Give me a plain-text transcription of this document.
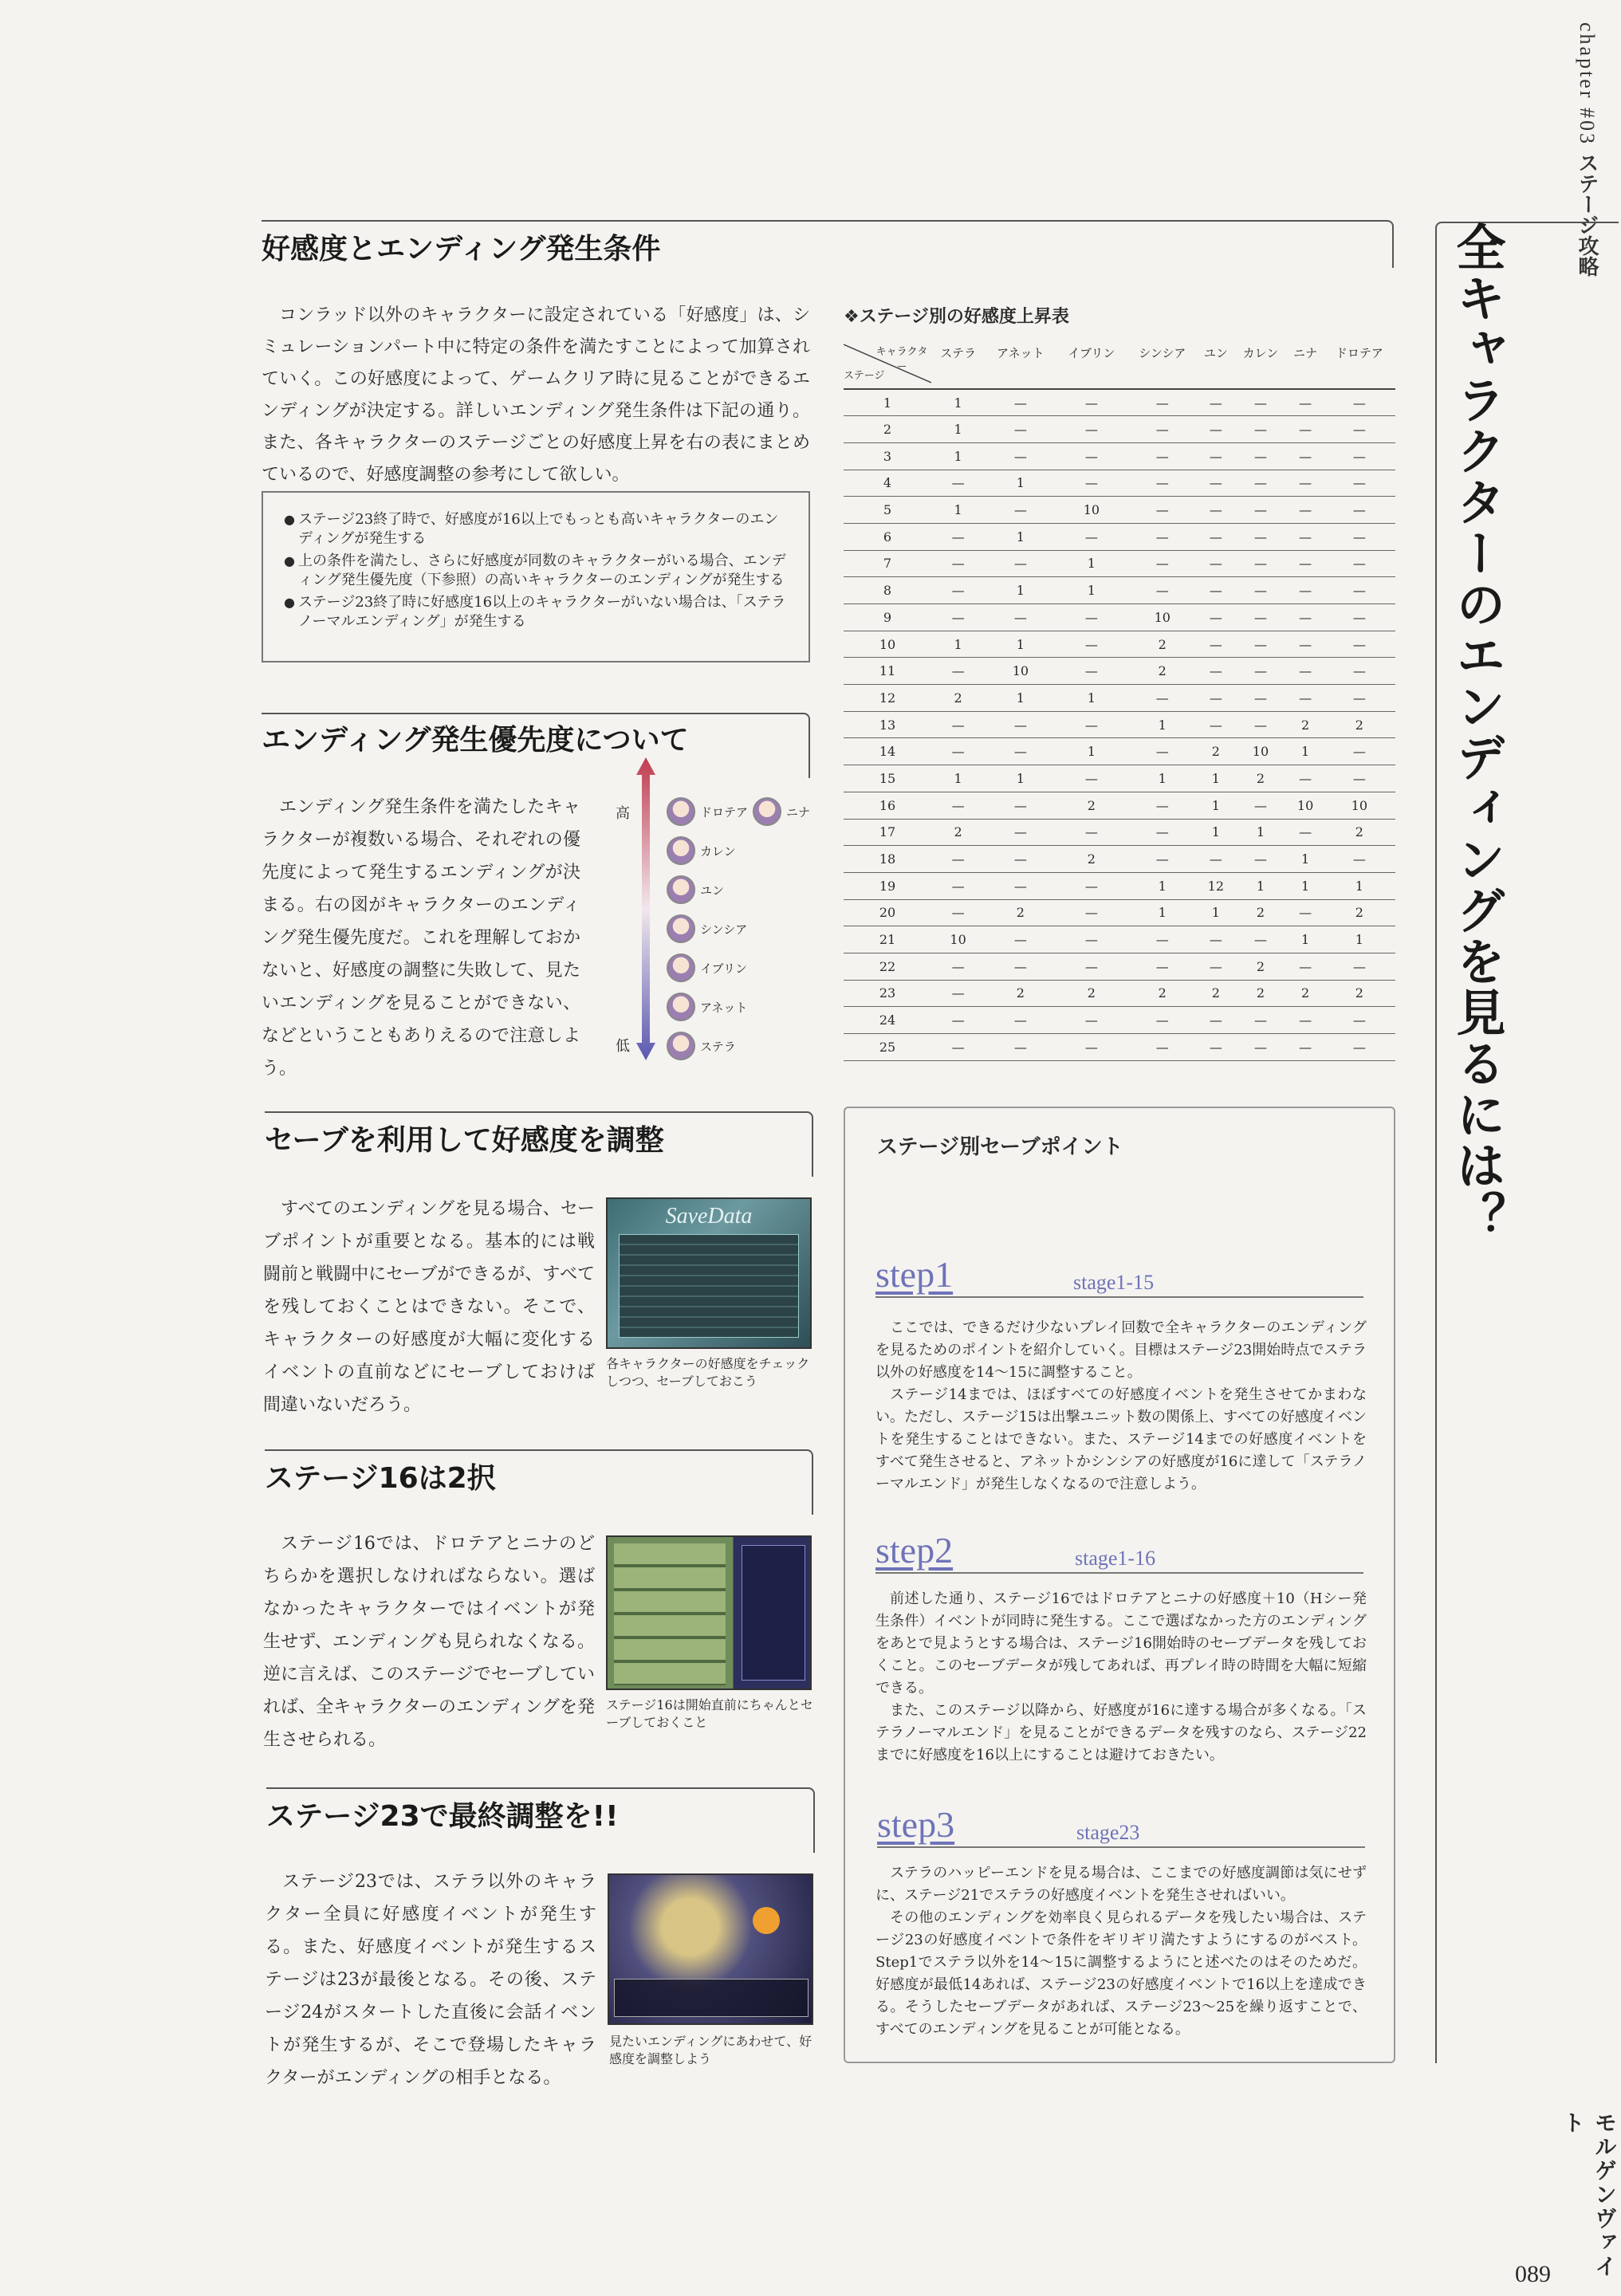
chapter #03 ステージ攻略
全キャラクターのエンディングを見るには？
好感度とエンディング発生条件
コンラッド以外のキャラクターに設定されている「好感度」は、シミュレーションパート中に特定の条件を満たすことによって加算されていく。この好感度によって、ゲームクリア時に見ることができるエンディングが決定する。詳しいエンディング発生条件は下記の通り。また、各キャラクターのステージごとの好感度上昇を右の表にまとめているので、好感度調整の参考にして欲しい。
● ステージ23終了時で、好感度が16以上でもっとも高いキャラクターのエンディングが発生する
● 上の条件を満たし、さらに好感度が同数のキャラクターがいる場合、エンディング発生優先度（下参照）の高いキャラクターのエンディングが発生する
● ステージ23終了時に好感度16以上のキャラクターがいない場合は、「ステラノーマルエンディング」が発生する
❖ステージ別の好感度上昇表
キャラクター
ステージ	ステラ	アネット	イブリン	シンシア	ユン	カレン	ニナ	ドロテア
1	1	—	—	—	—	—	—	—
2	1	—	—	—	—	—	—	—
3	1	—	—	—	—	—	—	—
4	—	1	—	—	—	—	—	—
5	1	—	10	—	—	—	—	—
6	—	1	—	—	—	—	—	—
7	—	—	1	—	—	—	—	—
8	—	1	1	—	—	—	—	—
9	—	—	—	10	—	—	—	—
10	1	1	—	2	—	—	—	—
11	—	10	—	2	—	—	—	—
12	2	1	1	—	—	—	—	—
13	—	—	—	1	—	—	2	2
14	—	—	1	—	2	10	1	—
15	1	1	—	1	1	2	—	—
16	—	—	2	—	1	—	10	10
17	2	—	—	—	1	1	—	2
18	—	—	2	—	—	—	1	—
19	—	—	—	1	12	1	1	1
20	—	2	—	1	1	2	—	2
21	10	—	—	—	—	—	1	1
22	—	—	—	—	—	2	—	—
23	—	2	2	2	2	2	2	2
24	—	—	—	—	—	—	—	—
25	—	—	—	—	—	—	—	—
エンディング発生優先度について
エンディング発生条件を満たしたキャラクターが複数いる場合、それぞれの優先度によって発生するエンディングが決まる。右の図がキャラクターのエンディング発生優先度だ。これを理解しておかないと、好感度の調整に失敗して、見たいエンディングを見ることができない、などということもありえるので注意しよう。
高
低
ドロテア	ニナ
カレン
ユン
シンシア
イブリン
アネット
ステラ
セーブを利用して好感度を調整
すべてのエンディングを見る場合、セーブポイントが重要となる。基本的には戦闘前と戦闘中にセーブができるが、すべてを残しておくことはできない。そこで、キャラクターの好感度が大幅に変化するイベントの直前などにセーブしておけば間違いないだろう。
SaveData
各キャラクターの好感度をチェックしつつ、セーブしておこう
ステージ16は2択
ステージ16では、ドロテアとニナのどちらかを選択しなければならない。選ばなかったキャラクターではイベントが発生せず、エンディングも見られなくなる。逆に言えば、このステージでセーブしていれば、全キャラクターのエンディングを発生させられる。
ステージ16は開始直前にちゃんとセーブしておくこと
ステージ23で最終調整を!!
ステージ23では、ステラ以外のキャラクター全員に好感度イベントが発生する。また、好感度イベントが発生するステージは23が最後となる。その後、ステージ24がスタートした直後に会話イベントが発生するが、そこで登場したキャラクターがエンディングの相手となる。
見たいエンディングにあわせて、好感度を調整しよう
ステージ別セーブポイント
step1	stage1-15
ここでは、できるだけ少ないプレイ回数で全キャラクターのエンディングを見るためのポイントを紹介していく。目標はステージ23開始時点でステラ以外の好感度を14〜15に調整すること。
ステージ14までは、ほぼすべての好感度イベントを発生させてかまわない。ただし、ステージ15は出撃ユニット数の関係上、すべての好感度イベントを発生することはできない。また、ステージ14までの好感度イベントをすべて発生させると、アネットかシンシアの好感度が16に達して「ステラノーマルエンド」が発生しなくなるので注意しよう。
step2	stage1-16
前述した通り、ステージ16ではドロテアとニナの好感度＋10（Hシー発生条件）イベントが同時に発生する。ここで選ばなかった方のエンディングをあとで見ようとする場合は、ステージ16開始時のセーブデータを残しておくこと。このセーブデータが残してあれば、再プレイ時の時間を大幅に短縮できる。
また、このステージ以降から、好感度が16に達する場合が多くなる。「ステラノーマルエンド」を見ることができるデータを残すのなら、ステージ22までに好感度を16以上にすることは避けておきたい。
step3	stage23
ステラのハッピーエンドを見る場合は、ここまでの好感度調節は気にせずに、ステージ21でステラの好感度イベントを発生させればいい。
その他のエンディングを効率良く見られるデータを残したい場合は、ステージ23の好感度イベントで条件をギリギリ満たすようにするのがベスト。Step1でステラ以外を14〜15に調整するようにと述べたのはそのためだ。好感度が最低14あれば、ステージ23の好感度イベントで16以上を達成できる。そうしたセーブデータがあれば、ステージ23〜25を繰り返すことで、すべてのエンディングを見ることが可能となる。
モルゲンヴァイト
089
